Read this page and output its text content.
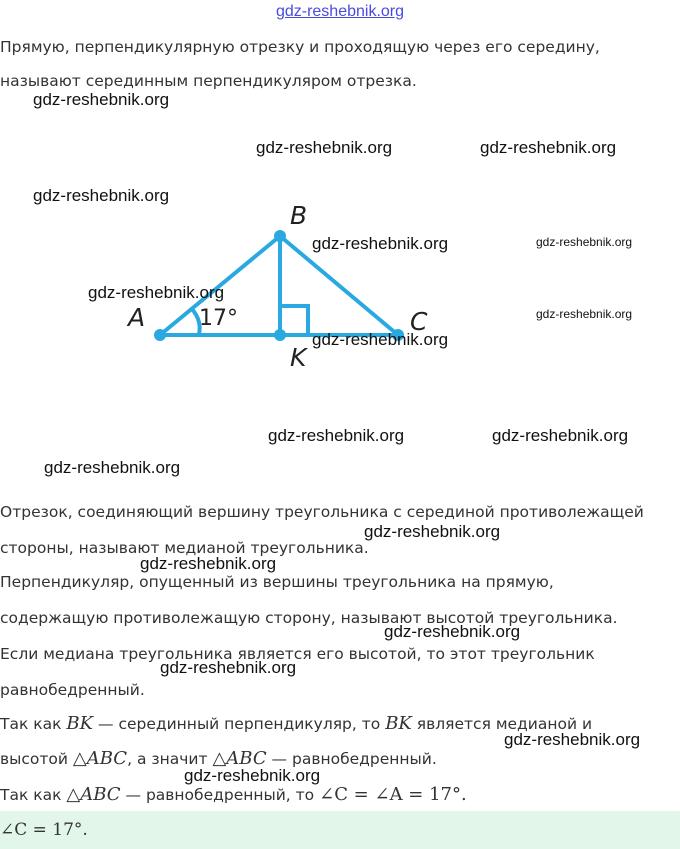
gdz-reshebnik.org
Прямую, перпендикулярную отрезку и проходящую через его середину,
называют серединным перпендикуляром отрезка.
A
B
C
K
17°
gdz-reshebnik.org
gdz-reshebnik.org	gdz-reshebnik.org
gdz-reshebnik.org
gdz-reshebnik.org	gdz-reshebnik.org
gdz-reshebnik.org
gdz-reshebnik.org
gdz-reshebnik.org
gdz-reshebnik.org	gdz-reshebnik.org
gdz-reshebnik.org
Отрезок, соединяющий вершину треугольника с серединой противолежащей
стороны, называют медианой треугольника.
gdz-reshebnik.org
gdz-reshebnik.org
Перпендикуляр, опущенный из вершины треугольника на прямую,
содержащую противолежащую сторону, называют высотой треугольника.
gdz-reshebnik.org
Если медиана треугольника является его высотой, то этот треугольник
равнобедренный.
gdz-reshebnik.org
Так как BK — серединный перпендикуляр, то BK является медианой и
высотой △ABC, а значит △ABC — равнобедренный.
gdz-reshebnik.org
gdz-reshebnik.org
Так как △ABC — равнобедренный, то ∠C = ∠A = 17°.
∠C = 17°.
